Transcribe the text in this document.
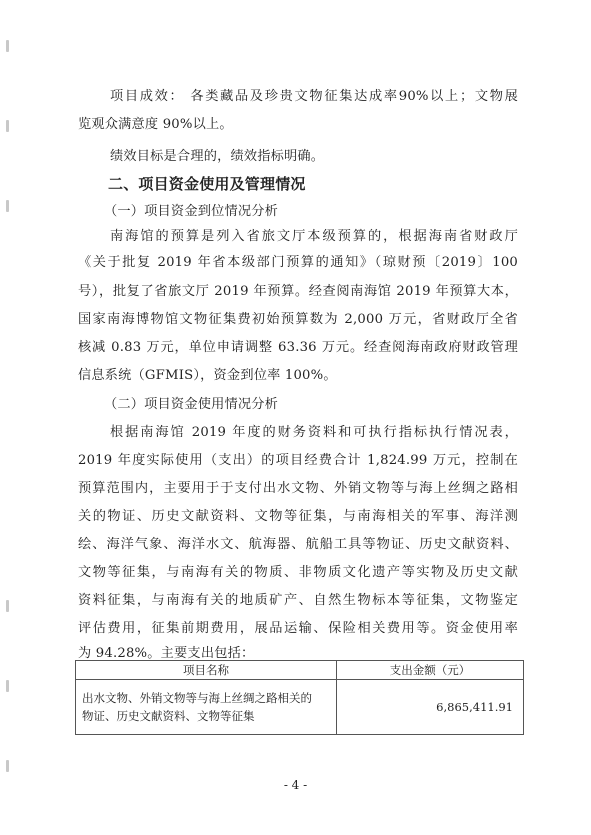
项目成效： 各类藏品及珍贵文物征集达成率90%以上；文物展
览观众满意度 90%以上。
绩效目标是合理的，绩效指标明确。
二、项目资金使用及管理情况
（一）项目资金到位情况分析
南海馆的预算是列入省旅文厅本级预算的，根据海南省财政厅
《关于批复 2019 年省本级部门预算的通知》（琼财预〔2019〕100
号），批复了省旅文厅 2019 年预算。经查阅南海馆 2019 年预算大本，
国家南海博物馆文物征集费初始预算数为 2,000 万元，省财政厅全省
核减 0.83 万元，单位申请调整 63.36 万元。经查阅海南政府财政管理
信息系统（GFMIS），资金到位率 100%。
（二）项目资金使用情况分析
根据南海馆 2019 年度的财务资料和可执行指标执行情况表，
2019 年度实际使用（支出）的项目经费合计 1,824.99 万元，控制在
预算范围内，主要用于于支付出水文物、外销文物等与海上丝绸之路相
关的物证、历史文献资料、文物等征集，与南海相关的军事、海洋测
绘、海洋气象、海洋水文、航海器、航船工具等物证、历史文献资料、
文物等征集，与南海有关的物质、非物质文化遗产等实物及历史文献
资料征集，与南海有关的地质矿产、自然生物标本等征集，文物鉴定
评估费用，征集前期费用，展品运输、保险相关费用等。资金使用率
为 94.28%。主要支出包括：
项目名称	支出金额（元）

出水文物、外销文物等与海上丝绸之路相关的
物证、历史文献资料、文物等征集	6,865,411.91
- 4 -
